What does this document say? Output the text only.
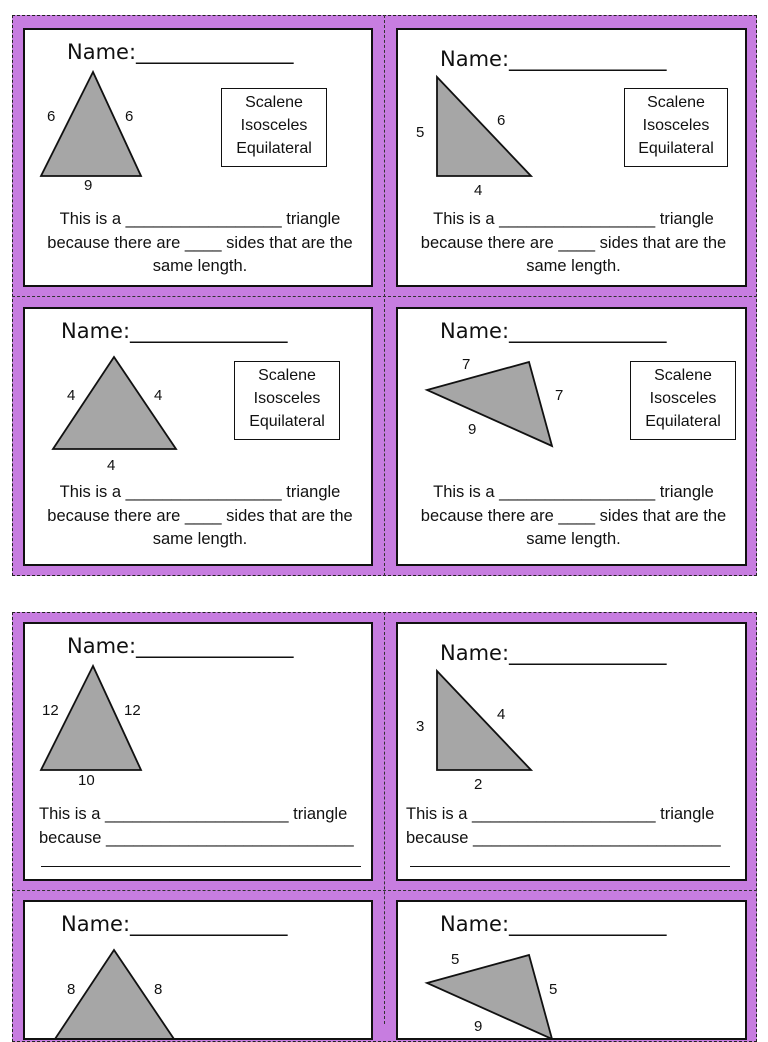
Name:_______________
6	6
9
Scalene
Isosceles
Equilateral
This is a _________________ triangle
because there are ____ sides that are the
same length.
Name:_______________
5
6
4
Scalene
Isosceles
Equilateral
This is a _________________ triangle
because there are ____ sides that are the
same length.
Name:_______________
4	4
4
Scalene
Isosceles
Equilateral
This is a _________________ triangle
because there are ____ sides that are the
same length.
Name:_______________
7
7
9
Scalene
Isosceles
Equilateral
This is a _________________ triangle
because there are ____ sides that are the
same length.
Name:_______________
12	12
10
This is a ____________________ triangle
because ___________________________
Name:_______________
3
4
2
This is a ____________________ triangle
because ___________________________
Name:_______________
8	8
Name:_______________
5
5
9
